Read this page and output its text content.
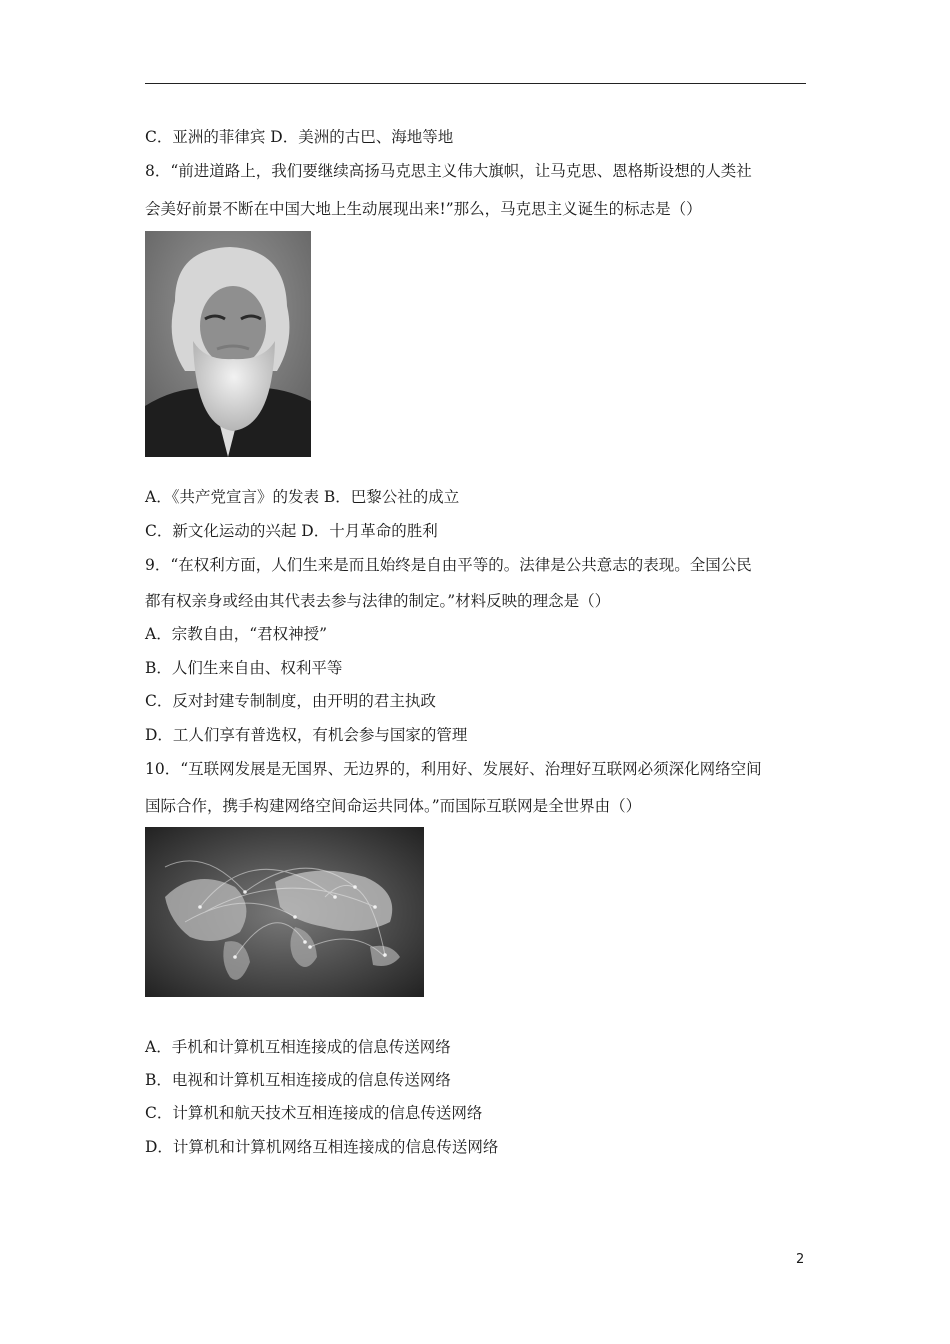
C．亚洲的菲律宾 D．美洲的古巴、海地等地
8．“前进道路上，我们要继续高扬马克思主义伟大旗帜，让马克思、恩格斯设想的人类社
会美好前景不断在中国大地上生动展现出来!”那么，马克思主义诞生的标志是（）
A．《共产党宣言》的发表 B．巴黎公社的成立
C．新文化运动的兴起 D．十月革命的胜利
9．“在权利方面，人们生来是而且始终是自由平等的。法律是公共意志的表现。全国公民
都有权亲身或经由其代表去参与法律的制定。”材料反映的理念是（）
A．宗教自由，“君权神授”
B．人们生来自由、权利平等
C．反对封建专制制度，由开明的君主执政
D．工人们享有普选权，有机会参与国家的管理
10．“互联网发展是无国界、无边界的，利用好、发展好、治理好互联网必须深化网络空间
国际合作，携手构建网络空间命运共同体。”而国际互联网是全世界由（）
A．手机和计算机互相连接成的信息传送网络
B．电视和计算机互相连接成的信息传送网络
C．计算机和航天技术互相连接成的信息传送网络
D．计算机和计算机网络互相连接成的信息传送网络
2
